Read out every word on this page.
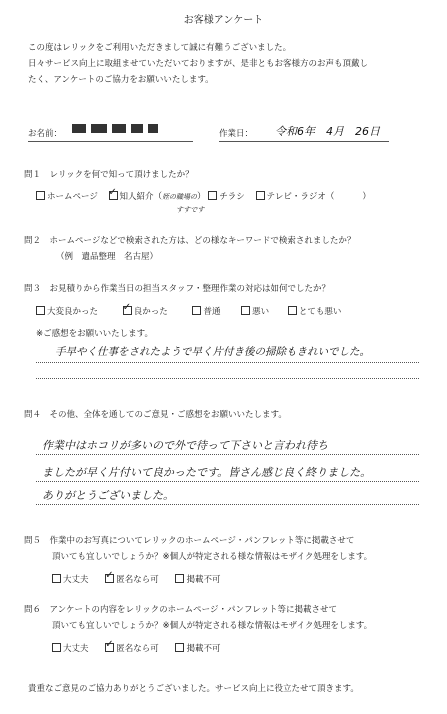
お客様アンケート
この度はレリックをご利用いただきまして誠に有難うございました。
日々サービス向上に取組ませていただいておりますが、是非ともお客様方のお声も頂戴し
たく、アンケートのご協力をお願いいたします。
お名前：	作業日： 令和6年　4月　26日
問１　レリックを何で知って頂けましたか？
ホームページ ✓ 知人紹介（姪の職場の） チラシ	テレビ・ラジオ（	）
すすです
問２　ホームページなどで検索された方は、どの様なキーワードで検索されましたか？
（例　遺品整理　名古屋）
問３　お見積りから作業当日の担当スタッフ・整理作業の対応は如何でしたか？
大変良かった ✓ 良かった	普通	悪い	とても悪い
※ご感想をお願いいたします。
手早やく仕事をされたようで早く片付き後の掃除もきれいでした。
問４　その他、全体を通してのご意見・ご感想をお願いいたします。
作業中はホコリが多いので外で待って下さいと言われ待ち
ましたが早く片付いて良かったです。皆さん感じ良く終りました。
ありがとうございました。
問５　作業中のお写真についてレリックのホームページ・パンフレット等に掲載させて
頂いても宜しいでしょうか？※個人が特定される様な情報はモザイク処理をします。
大丈夫 ✓ 匿名なら可	掲載不可
問６　アンケートの内容をレリックのホームページ・パンフレット等に掲載させて
頂いても宜しいでしょうか？※個人が特定される様な情報はモザイク処理をします。
大丈夫 ✓ 匿名なら可	掲載不可
貴重なご意見のご協力ありがとうございました。サービス向上に役立たせて頂きます。
